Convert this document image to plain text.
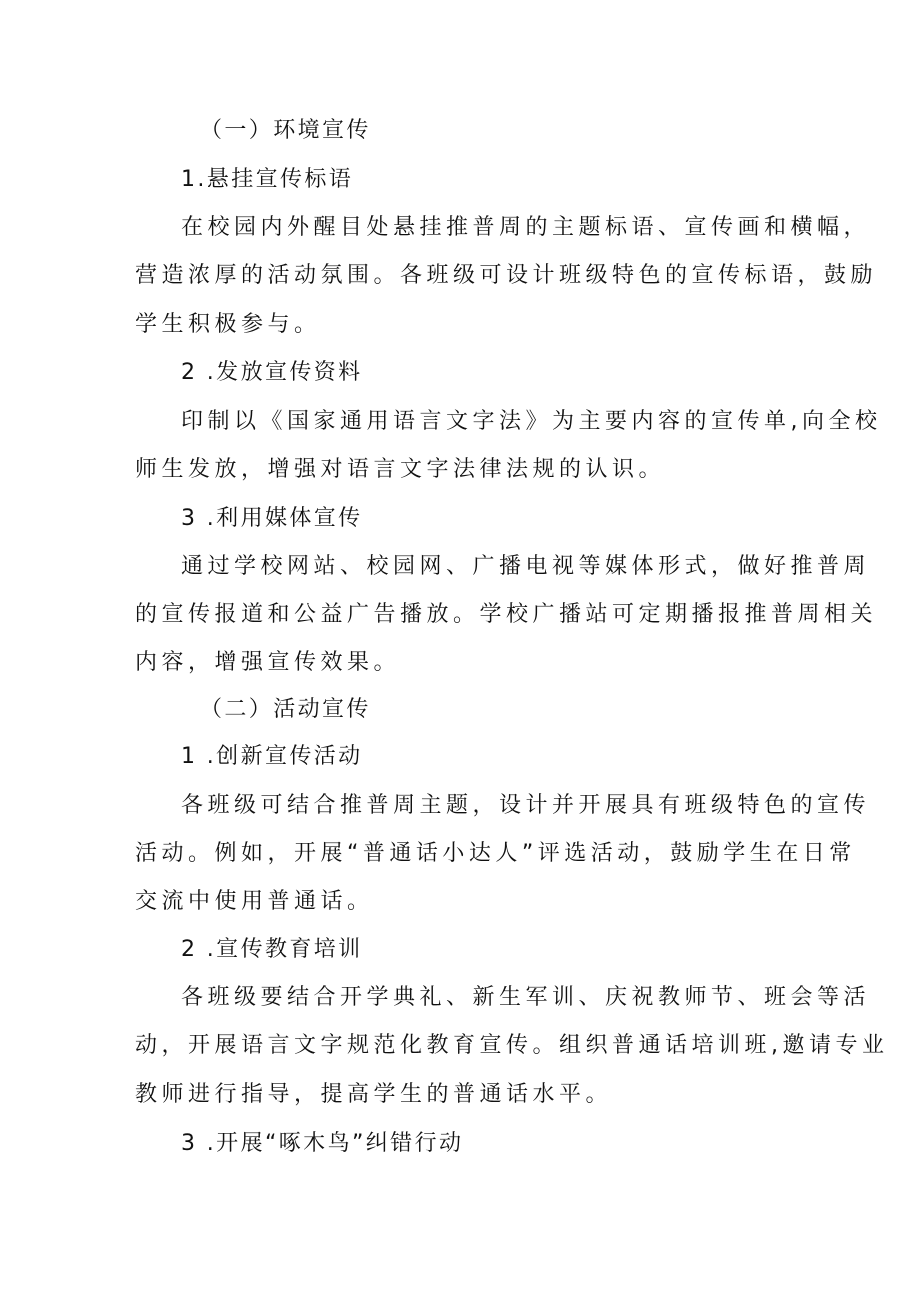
（一）环境宣传
1.悬挂宣传标语
在校园内外醒目处悬挂推普周的主题标语、宣传画和横幅，
营造浓厚的活动氛围。各班级可设计班级特色的宣传标语，鼓励
学生积极参与。
2 .发放宣传资料
印制以《国家通用语言文字法》为主要内容的宣传单,向全校
师生发放，增强对语言文字法律法规的认识。
3 .利用媒体宣传
通过学校网站、校园网、广播电视等媒体形式，做好推普周
的宣传报道和公益广告播放。学校广播站可定期播报推普周相关
内容，增强宣传效果。
（二）活动宣传
1 .创新宣传活动
各班级可结合推普周主题，设计并开展具有班级特色的宣传
活动。例如，开展“普通话小达人”评选活动，鼓励学生在日常
交流中使用普通话。
2 .宣传教育培训
各班级要结合开学典礼、新生军训、庆祝教师节、班会等活
动，开展语言文字规范化教育宣传。组织普通话培训班,邀请专业
教师进行指导，提高学生的普通话水平。
3 .开展“啄木鸟”纠错行动
